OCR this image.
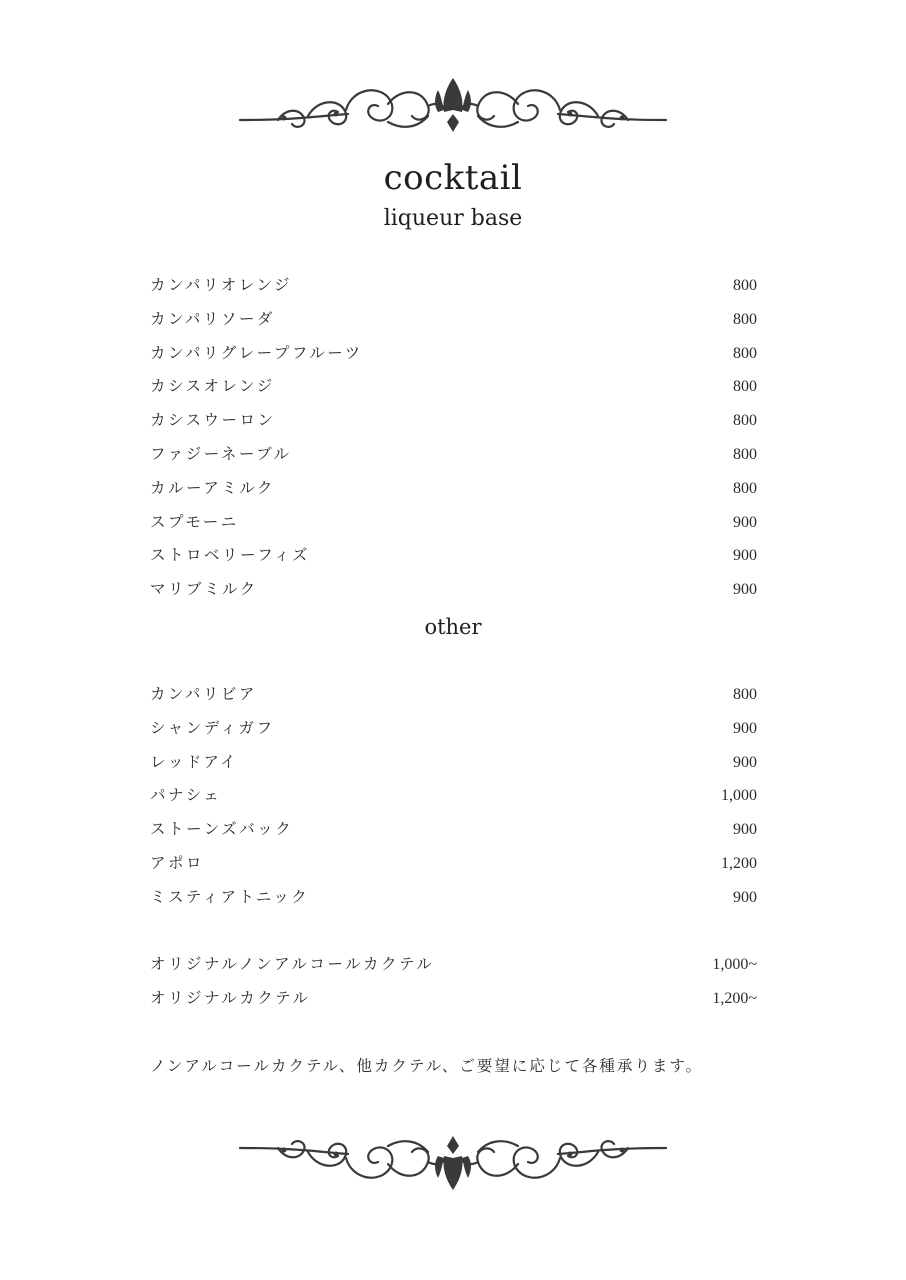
cocktail
liqueur base
カンパリオレンジ	800
カンパリソーダ	800
カンパリグレープフルーツ	800
カシスオレンジ	800
カシスウーロン	800
ファジーネーブル	800
カルーアミルク	800
スプモーニ	900
ストロベリーフィズ	900
マリブミルク	900
other
カンパリビア	800
シャンディガフ	900
レッドアイ	900
パナシェ	1,000
ストーンズバック	900
アポロ	1,200
ミスティアトニック	900
オリジナルノンアルコールカクテル	1,000~
オリジナルカクテル	1,200~
ノンアルコールカクテル、他カクテル、ご要望に応じて各種承ります。
